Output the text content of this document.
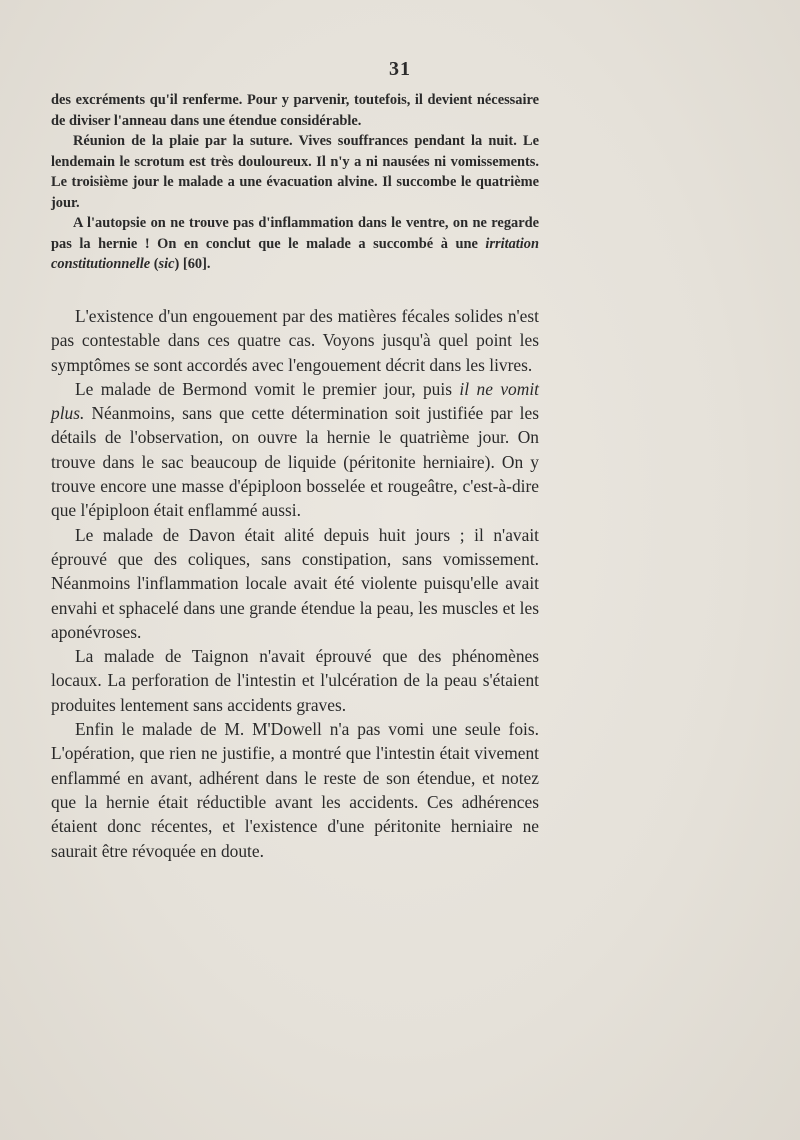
31

des excréments qu'il renferme. Pour y parvenir, toutefois, il devient nécessaire de diviser l'anneau dans une étendue considérable.

Réunion de la plaie par la suture. Vives souffrances pendant la nuit. Le lendemain le scrotum est très douloureux. Il n'y a ni nausées ni vomissements. Le troisième jour le malade a une évacuation alvine. Il succombe le quatrième jour.

A l'autopsie on ne trouve pas d'inflammation dans le ventre, on ne regarde pas la hernie ! On en conclut que le malade a succombé à une irritation constitutionnelle (sic) [60].

L'existence d'un engouement par des matières fécales solides n'est pas contestable dans ces quatre cas. Voyons jusqu'à quel point les symptômes se sont accordés avec l'engouement décrit dans les livres.

Le malade de Bermond vomit le premier jour, puis il ne vomit plus. Néanmoins, sans que cette détermination soit justifiée par les détails de l'observation, on ouvre la hernie le quatrième jour. On trouve dans le sac beaucoup de liquide (péritonite herniaire). On y trouve encore une masse d'épiploon bosselée et rougeâtre, c'est-à-dire que l'épiploon était enflammé aussi.

Le malade de Davon était alité depuis huit jours ; il n'avait éprouvé que des coliques, sans constipation, sans vomissement. Néanmoins l'inflammation locale avait été violente puisqu'elle avait envahi et sphacelé dans une grande étendue la peau, les muscles et les aponévroses.

La malade de Taignon n'avait éprouvé que des phénomènes locaux. La perforation de l'intestin et l'ulcération de la peau s'étaient produites lentement sans accidents graves.

Enfin le malade de M. M'Dowell n'a pas vomi une seule fois. L'opération, que rien ne justifie, a montré que l'intestin était vivement enflammé en avant, adhérent dans le reste de son étendue, et notez que la hernie était réductible avant les accidents. Ces adhérences étaient donc récentes, et l'existence d'une péritonite herniaire ne saurait être révoquée en doute.
